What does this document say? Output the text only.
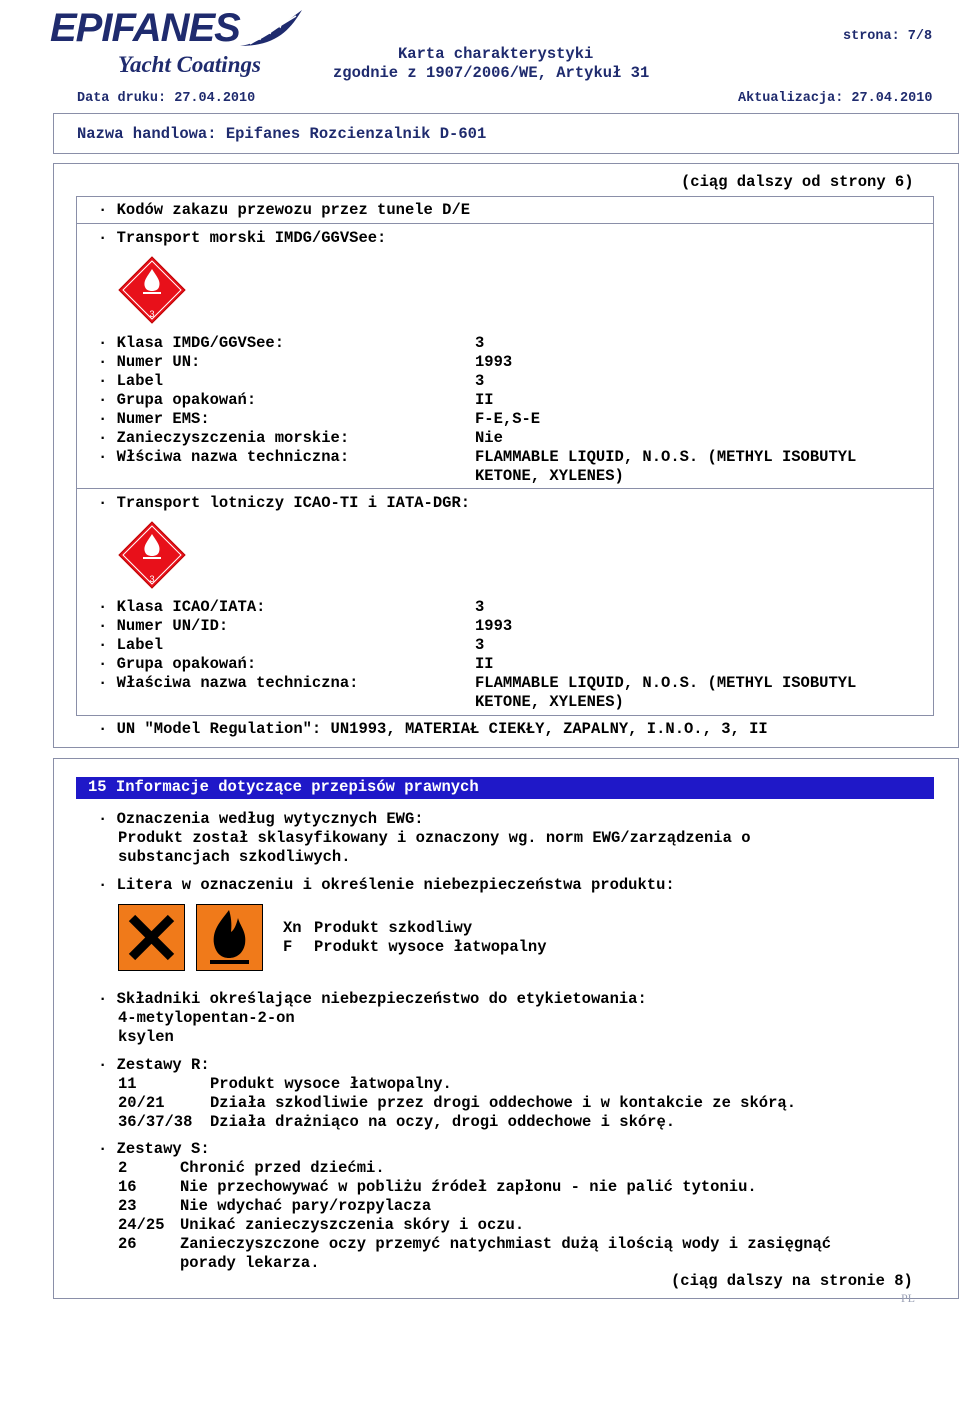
EPIFANES
Yacht Coatings	Karta charakterystyki
zgodnie z 1907/2006/WE, Artykuł 31
strona: 7/8
Data druku: 27.04.2010	Aktualizacja: 27.04.2010
Nazwa handlowa: Epifanes Rozcienzalnik D-601
(ciąg dalszy od strony 6)
· Kodów zakazu przewozu przez tunele D/E
· Transport morski IMDG/GGVSee:
3
· Klasa IMDG/GGVSee:	3
· Numer UN:	1993
· Label	3
· Grupa opakowań:	II
· Numer EMS:	F-E,S-E
· Zanieczyszczenia morskie:	Nie
· Włściwa nazwa techniczna:	FLAMMABLE LIQUID, N.O.S. (METHYL ISOBUTYL
KETONE, XYLENES)
· Transport lotniczy ICAO-TI i IATA-DGR:
3
· Klasa ICAO/IATA:	3
· Numer UN/ID:	1993
· Label	3
· Grupa opakowań:	II
· Właściwa nazwa techniczna:	FLAMMABLE LIQUID, N.O.S. (METHYL ISOBUTYL
KETONE, XYLENES)
· UN "Model Regulation": UN1993, MATERIAŁ CIEKŁY, ZAPALNY, I.N.O., 3, II
15 Informacje dotyczące przepisów prawnych
· Oznaczenia według wytycznych EWG:
Produkt został sklasyfikowany i oznaczony wg. norm EWG/zarządzenia o
substancjach szkodliwych.
· Litera w oznaczeniu i określenie niebezpieczeństwa produktu:
Xn Produkt szkodliwy
F Produkt wysoce łatwopalny
· Składniki określające niebezpieczeństwo do etykietowania:
4-metylopentan-2-on
ksylen
· Zestawy R:
11	Produkt wysoce łatwopalny.
20/21	Działa szkodliwie przez drogi oddechowe i w kontakcie ze skórą.
36/37/38 Działa drażniąco na oczy, drogi oddechowe i skórę.
· Zestawy S:
2	Chronić przed dziećmi.
16	Nie przechowywać w pobliżu źródeł zapłonu - nie palić tytoniu.
23	Nie wdychać pary/rozpylacza
24/25 Unikać zanieczyszczenia skóry i oczu.
26	Zanieczyszczone oczy przemyć natychmiast dużą ilością wody i zasięgnąć
porady lekarza.
(ciąg dalszy na stronie 8)
PL
